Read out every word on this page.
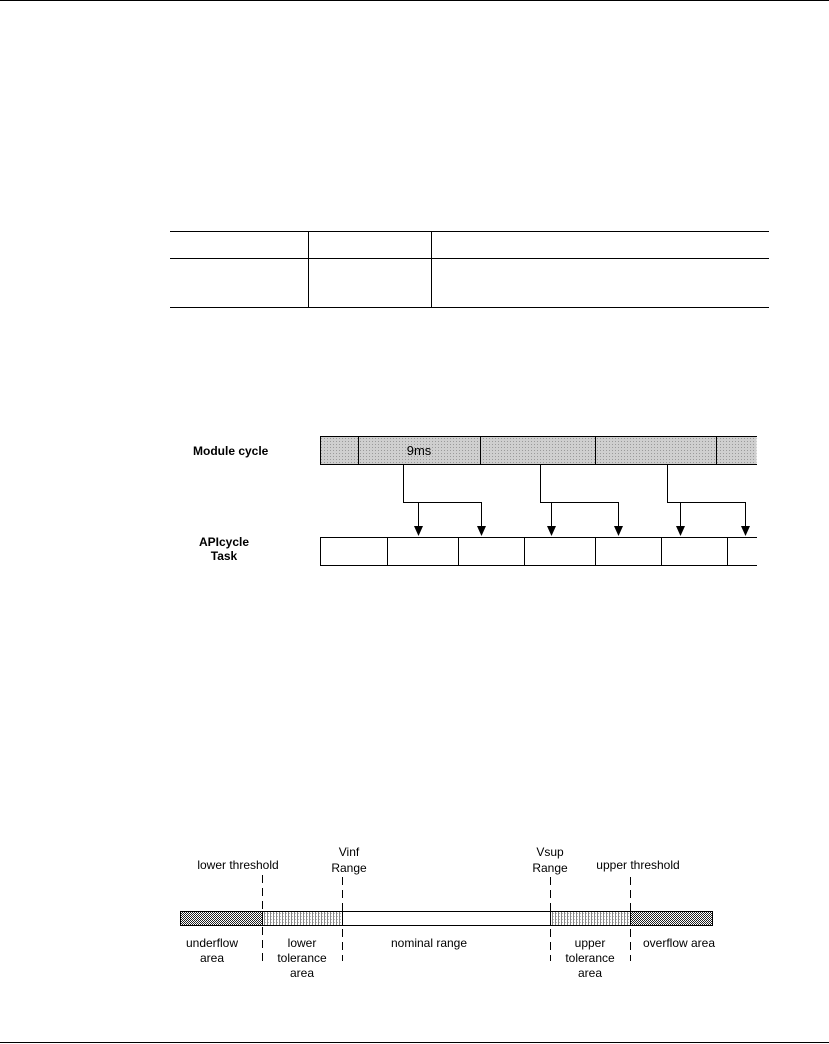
Module cycle
APIcycle
Task
9ms
lower threshold	upper threshold
Vinf
Range
Vsup
Range
underflow
area
lower
tolerance
area
nominal range	upper
tolerance
area
overflow area
